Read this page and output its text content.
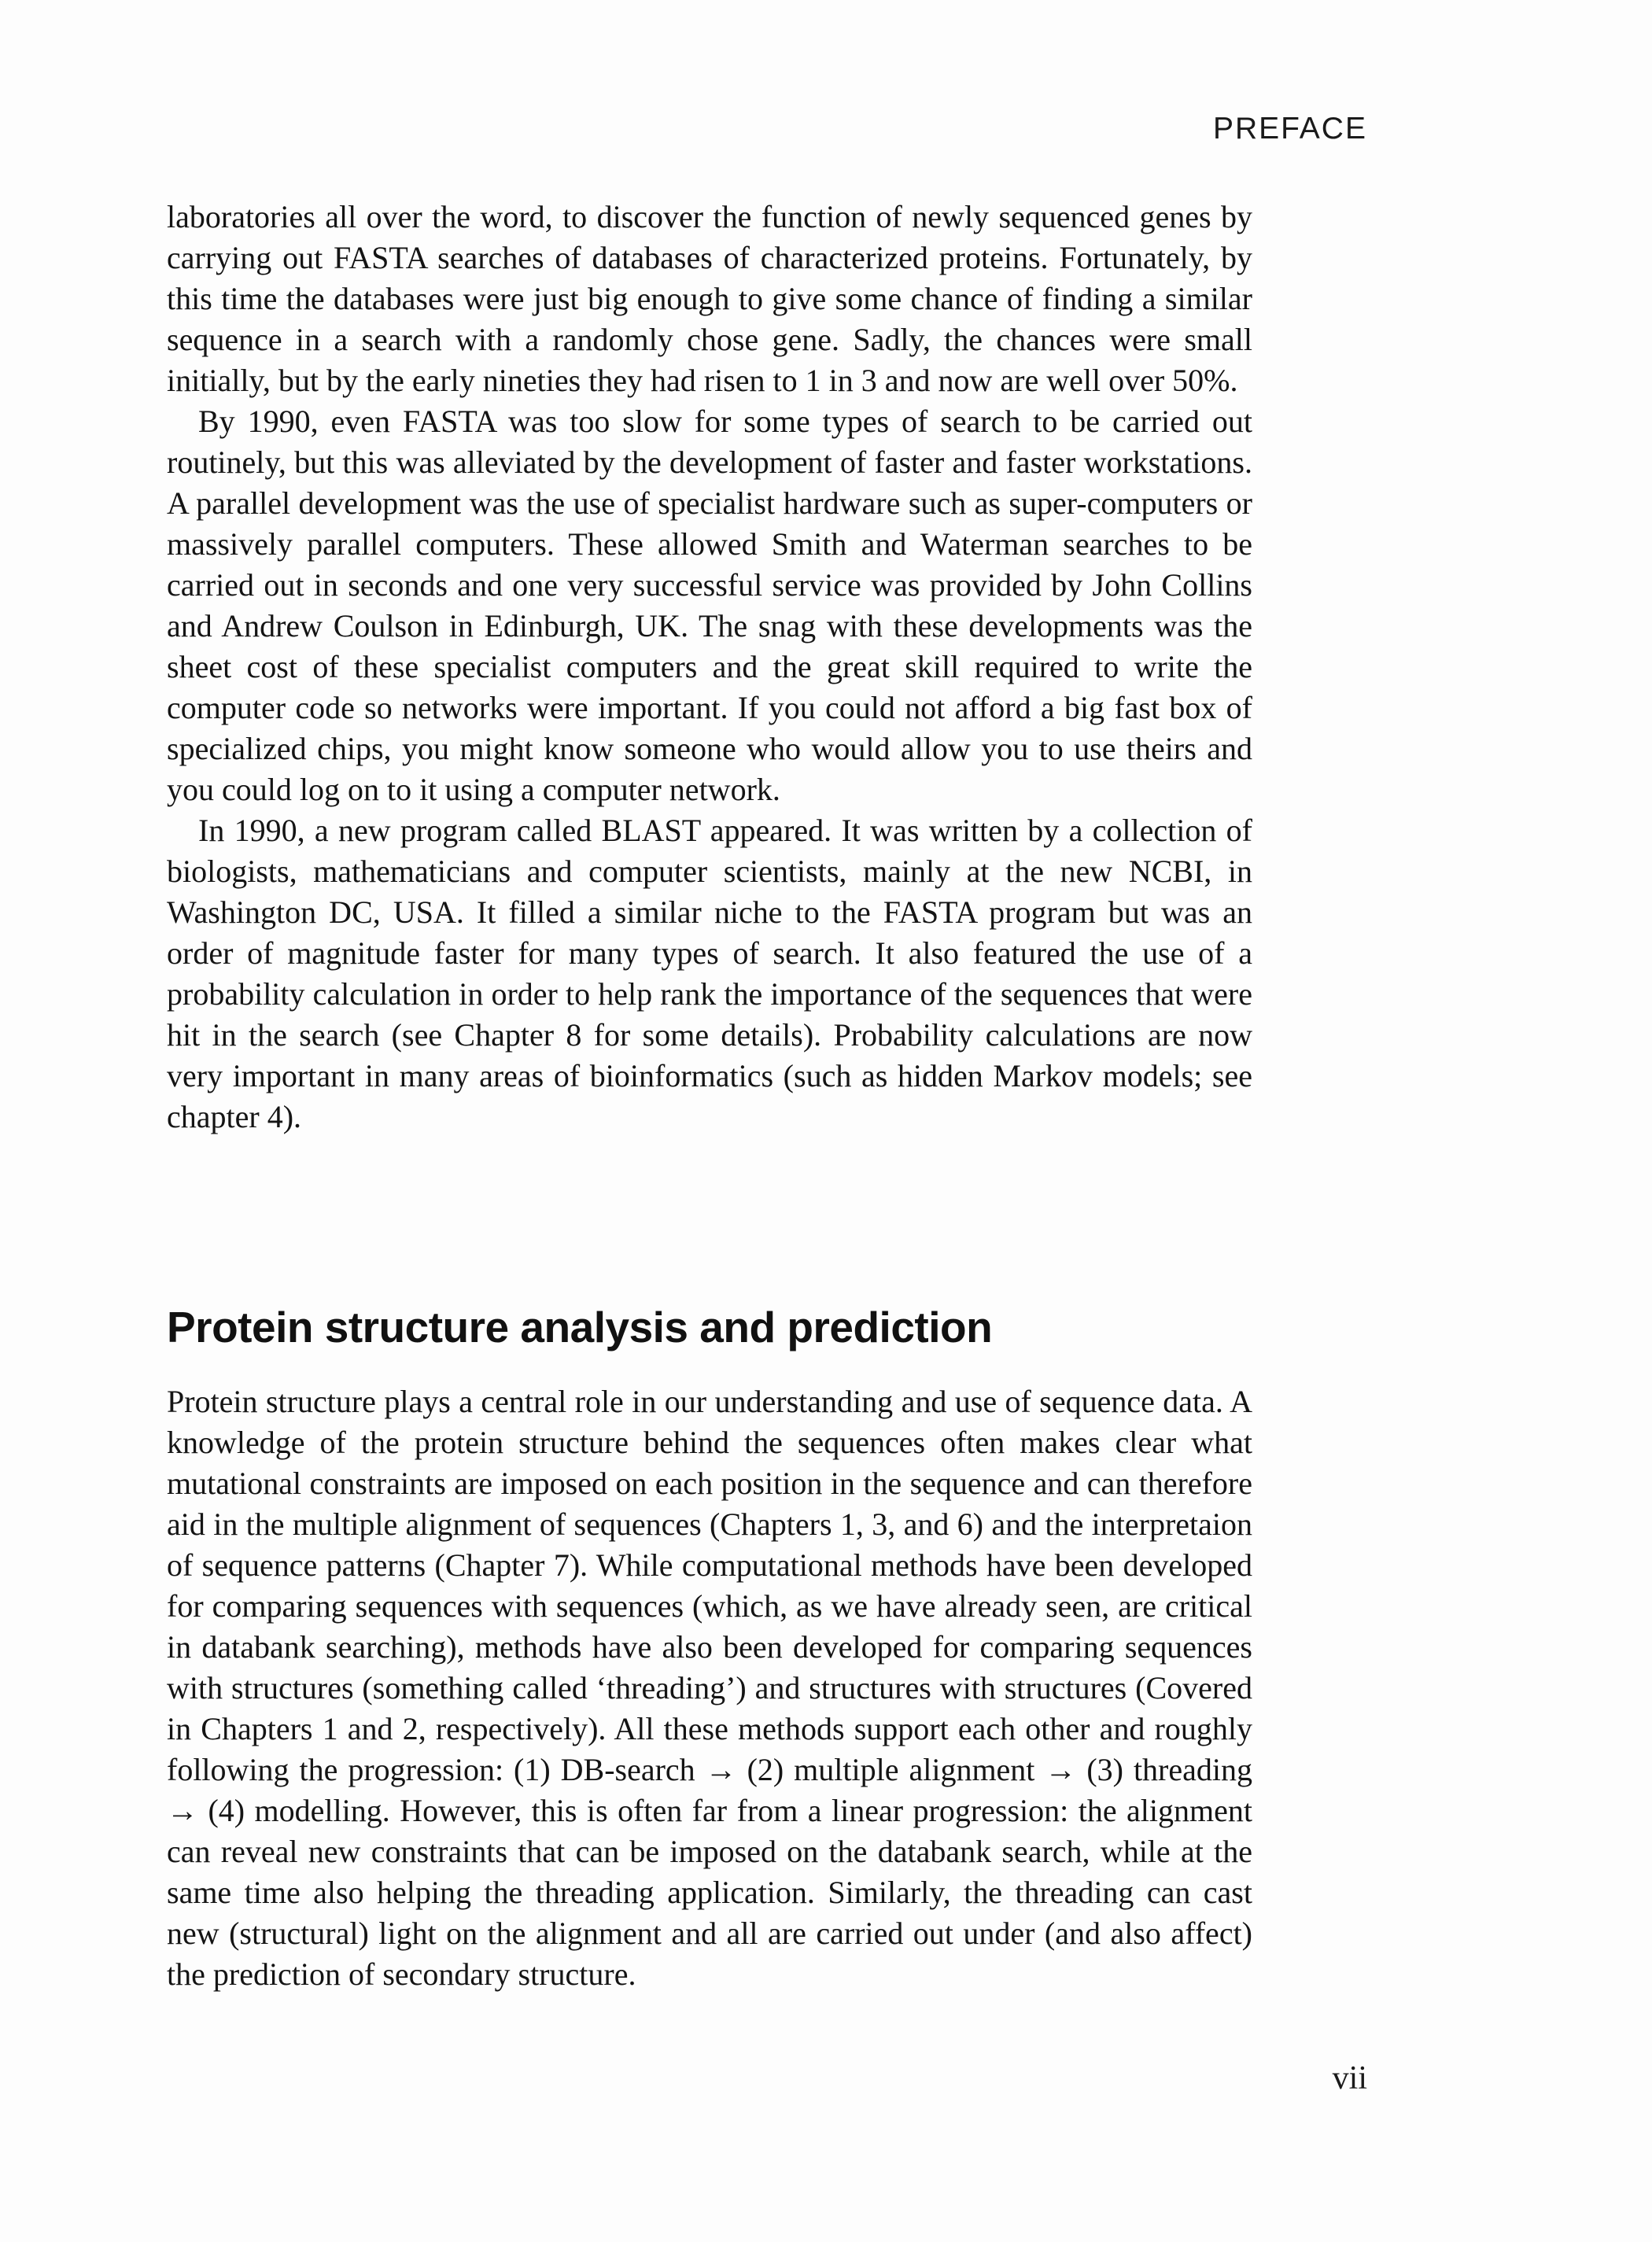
PREFACE

laboratories all over the word, to discover the function of newly sequenced genes by carrying out FASTA searches of databases of characterized proteins. Fortunately, by this time the databases were just big enough to give some chance of finding a similar sequence in a search with a randomly chose gene. Sadly, the chances were small initially, but by the early nineties they had risen to 1 in 3 and now are well over 50%.

By 1990, even FASTA was too slow for some types of search to be carried out routinely, but this was alleviated by the development of faster and faster workstations. A parallel development was the use of specialist hardware such as super-computers or massively parallel computers. These allowed Smith and Waterman searches to be carried out in seconds and one very successful service was provided by John Collins and Andrew Coulson in Edinburgh, UK. The snag with these developments was the sheet cost of these specialist computers and the great skill required to write the computer code so networks were important. If you could not afford a big fast box of specialized chips, you might know someone who would allow you to use theirs and you could log on to it using a computer network.

In 1990, a new program called BLAST appeared. It was written by a collection of biologists, mathematicians and computer scientists, mainly at the new NCBI, in Washington DC, USA. It filled a similar niche to the FASTA program but was an order of magnitude faster for many types of search. It also featured the use of a probability calculation in order to help rank the importance of the sequences that were hit in the search (see Chapter 8 for some details). Probability calculations are now very important in many areas of bioinformatics (such as hidden Markov models; see chapter 4).

Protein structure analysis and prediction

Protein structure plays a central role in our understanding and use of sequence data. A knowledge of the protein structure behind the sequences often makes clear what mutational constraints are imposed on each position in the sequence and can therefore aid in the multiple alignment of sequences (Chapters 1, 3, and 6) and the interpretaion of sequence patterns (Chapter 7). While computational methods have been developed for comparing sequences with sequences (which, as we have already seen, are critical in databank searching), methods have also been developed for comparing sequences with structures (something called ‘threading’) and structures with structures (Covered in Chapters 1 and 2, respectively). All these methods support each other and roughly following the progression: (1) DB-search → (2) multiple alignment → (3) threading → (4) modelling. However, this is often far from a linear progression: the alignment can reveal new constraints that can be imposed on the databank search, while at the same time also helping the threading application. Similarly, the threading can cast new (structural) light on the alignment and all are carried out under (and also affect) the prediction of secondary structure.

vii
